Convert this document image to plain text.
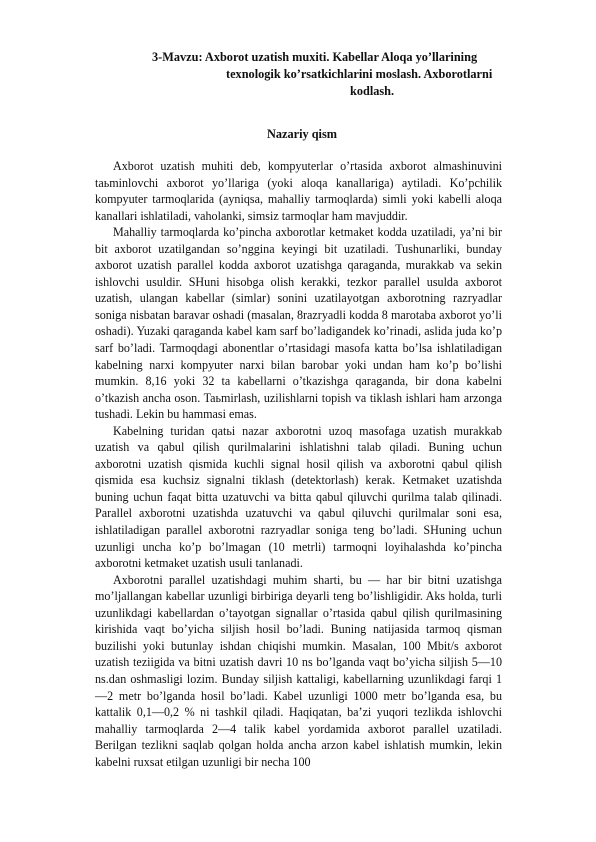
3-Mavzu: Axborot uzatish muxiti. Kabellar Aloqa yo’llarining
texnologik ko’rsatkichlarini moslash. Axborotlarni
kodlash.
Nazariy qism

Axborot uzatish muhiti deb, kompyuterlar o’rtasida axborot almashinuvini taьminlovchi axborot yo’llariga (yoki aloqa kanallariga) aytiladi. Ko’pchilik kompyuter tarmoqlarida (ayniqsa, mahalliy tarmoqlarda) simli yoki kabelli aloqa kanallari ishlatiladi, vaholanki, simsiz tarmoqlar ham mavjuddir.

Mahalliy tarmoqlarda ko’pincha axborotlar ketmaket kodda uzatiladi, ya’ni bir bit axborot uzatilgandan so’nggina keyingi bit uzatiladi. Tushunarliki, bunday axborot uzatish parallel kodda axborot uzatishga qaraganda, murakkab va sekin ishlovchi usuldir. SHuni hisobga olish kerakki, tezkor parallel usulda axborot uzatish, ulangan kabellar (simlar) sonini uzatilayotgan axborotning razryadlar soniga nisbatan baravar oshadi (masalan, 8razryadli kodda 8 marotaba axborot yo’li oshadi). Yuzaki qaraganda kabel kam sarf bo’ladigandek ko’rinadi, aslida juda ko’p sarf bo’ladi. Tarmoqdagi abonentlar o’rtasidagi masofa katta bo’lsa ishlatiladigan kabelning narxi kompyuter narxi bilan barobar yoki undan ham ko’p bo’lishi mumkin. 8,16 yoki 32 ta kabellarni o’tkazishga qaraganda, bir dona kabelni o’tkazish ancha oson. Taьmirlash, uzilishlarni topish va tiklash ishlari ham arzonga tushadi. Lekin bu hammasi emas.

Kabelning turidan qatьi nazar axborotni uzoq masofaga uzatish murakkab uzatish va qabul qilish qurilmalarini ishlatishni talab qiladi. Buning uchun axborotni uzatish qismida kuchli signal hosil qilish va axborotni qabul qilish qismida esa kuchsiz signalni tiklash (detektorlash) kerak. Ketmaket uzatishda buning uchun faqat bitta uzatuvchi va bitta qabul qiluvchi qurilma talab qilinadi. Parallel axborotni uzatishda uzatuvchi va qabul qiluvchi qurilmalar soni esa, ishlatiladigan parallel axborotni razryadlar soniga teng bo’ladi. SHuning uchun uzunligi uncha ko’p bo’lmagan (10 metrli) tarmoqni loyihalashda ko’pincha axborotni ketmaket uzatish usuli tanlanadi.

Axborotni parallel uzatishdagi muhim sharti, bu — har bir bitni uzatishga mo’ljallangan kabellar uzunligi birbiriga deyarli teng bo’lishligidir. Aks holda, turli uzunlikdagi kabellardan o’tayotgan signallar o’rtasida qabul qilish qurilmasining kirishida vaqt bo’yicha siljish hosil bo’ladi. Buning natijasida tarmoq qisman buzilishi yoki butunlay ishdan chiqishi mumkin. Masalan, 100 Mbit/s axborot uzatish teziigida va bitni uzatish davri 10 ns bo’lganda vaqt bo’yicha siljish 5—10 ns.dan oshmasligi lozim. Bunday siljish kattaligi, kabellarning uzunlikdagi farqi 1—2 metr bo’lganda hosil bo’ladi. Kabel uzunligi 1000 metr bo’lganda esa, bu kattalik 0,1—0,2 % ni tashkil qiladi. Haqiqatan, ba’zi yuqori tezlikda ishlovchi mahalliy tarmoqlarda 2—4 talik kabel yordamida axborot parallel uzatiladi. Berilgan tezlikni saqlab qolgan holda ancha arzon kabel ishlatish mumkin, lekin kabelni ruxsat etilgan uzunligi bir necha 100
